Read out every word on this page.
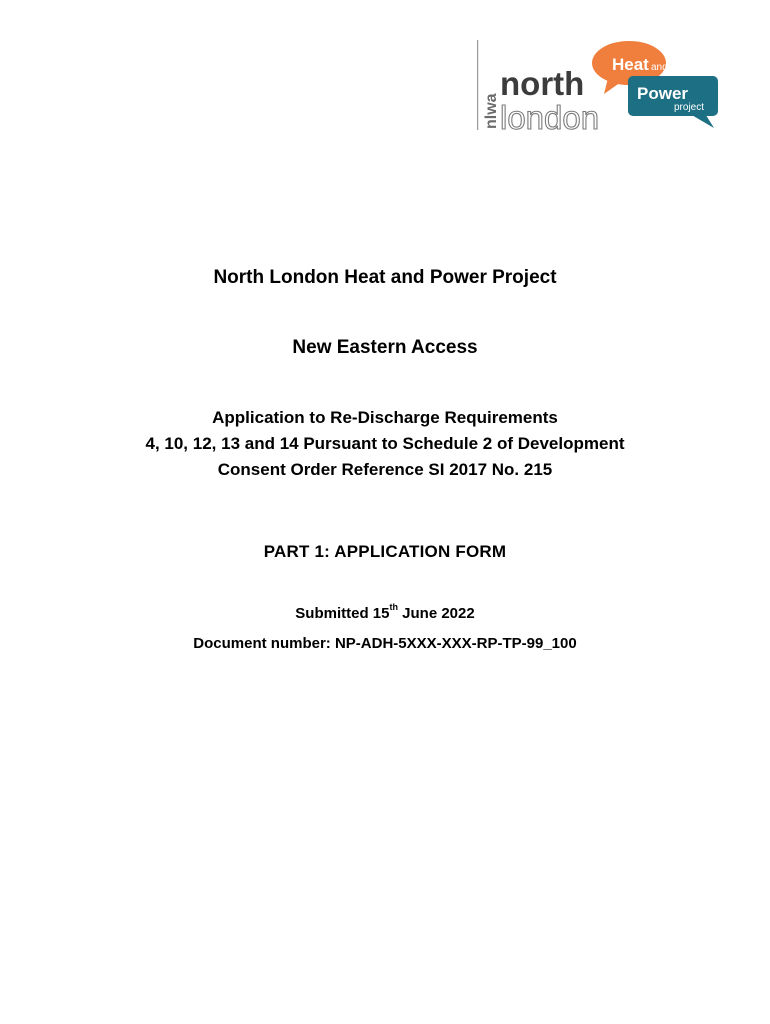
nlwa
north
london
Heat and
Power
project
North London Heat and Power Project
New Eastern Access
Application to Re-Discharge Requirements
4, 10, 12, 13 and 14 Pursuant to Schedule 2 of Development
Consent Order Reference SI 2017 No. 215
PART 1: APPLICATION FORM
Submitted 15th June 2022
Document number: NP-ADH-5XXX-XXX-RP-TP-99_100
